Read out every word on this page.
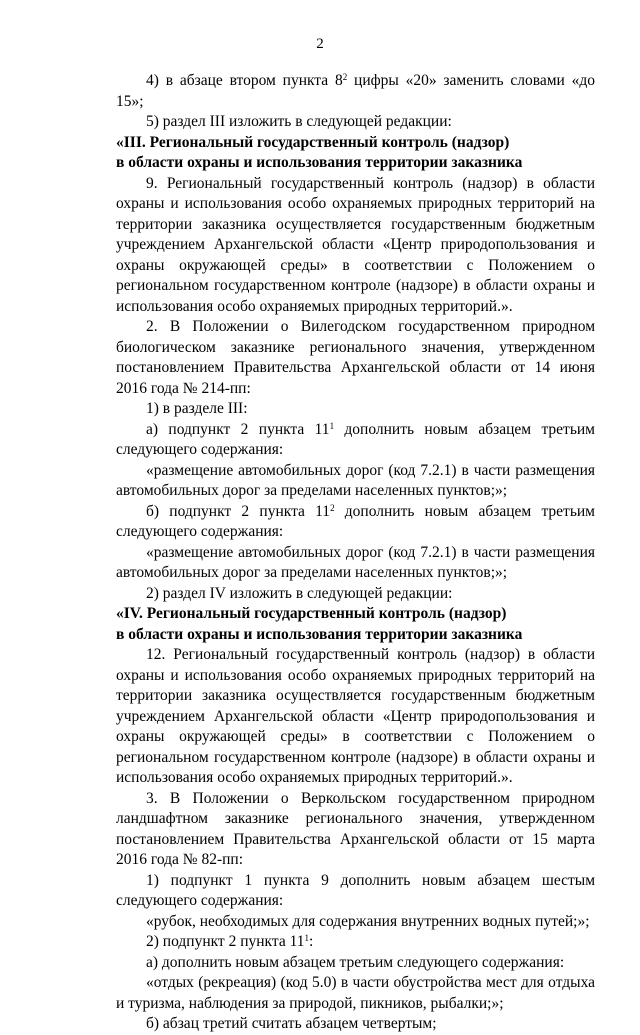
2

4) в абзаце втором пункта $8^2$ цифры «20» заменить словами «до 15»;

5) раздел III изложить в следующей редакции:

«III. Региональный государственный контроль (надзор)

в области охраны и использования территории заказника

9. Региональный государственный контроль (надзор) в области охраны и использования особо охраняемых природных территорий на территории заказника осуществляется государственным бюджетным учреждением Архангельской области «Центр природопользования и охраны окружающей среды» в соответствии с Положением о региональном государственном контроле (надзоре) в области охраны и использования особо охраняемых природных территорий.».

2. В Положении о Вилегодском государственном природном биологическом заказнике регионального значения, утвержденном постановлением Правительства Архангельской области от 14 июня 2016 года № 214-пп:

1) в разделе III:

а) подпункт 2 пункта $11^1$ дополнить новым абзацем третьим следующего содержания:

«размещение автомобильных дорог (код 7.2.1) в части размещения автомобильных дорог за пределами населенных пунктов;»;

б) подпункт 2 пункта $11^2$ дополнить новым абзацем третьим следующего содержания:

«размещение автомобильных дорог (код 7.2.1) в части размещения автомобильных дорог за пределами населенных пунктов;»;

2) раздел IV изложить в следующей редакции:

«IV. Региональный государственный контроль (надзор)

в области охраны и использования территории заказника

12. Региональный государственный контроль (надзор) в области охраны и использования особо охраняемых природных территорий на территории заказника осуществляется государственным бюджетным учреждением Архангельской области «Центр природопользования и охраны окружающей среды» в соответствии с Положением о региональном государственном контроле (надзоре) в области охраны и использования особо охраняемых природных территорий.».

3. В Положении о Веркольском государственном природном ландшафтном заказнике регионального значения, утвержденном постановлением Правительства Архангельской области от 15 марта 2016 года № 82-пп:

1) подпункт 1 пункта 9 дополнить новым абзацем шестым следующего содержания:

«рубок, необходимых для содержания внутренних водных путей;»;

2) подпункт 2 пункта $11^1$:

а) дополнить новым абзацем третьим следующего содержания:

«отдых (рекреация) (код 5.0) в части обустройства мест для отдыха и туризма, наблюдения за природой, пикников, рыбалки;»;

б) абзац третий считать абзацем четвертым;
